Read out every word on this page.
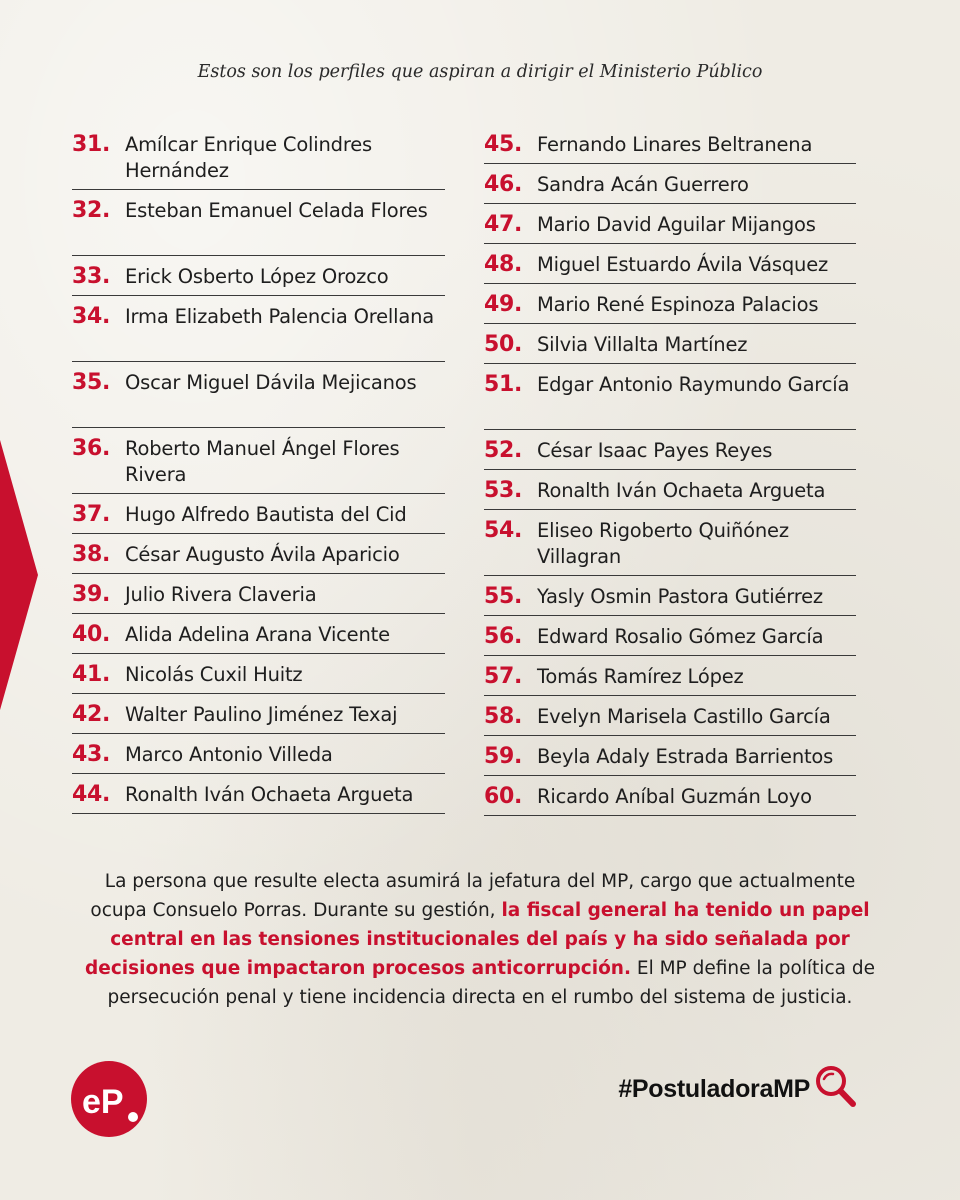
Estos son los perfiles que aspiran a dirigir el Ministerio Público
31. Amílcar Enrique Colindres Hernández
32. Esteban Emanuel Celada Flores
33. Erick Osberto López Orozco
34. Irma Elizabeth Palencia Orellana
35. Oscar Miguel Dávila Mejicanos
36. Roberto Manuel Ángel Flores Rivera
37. Hugo Alfredo Bautista del Cid
38. César Augusto Ávila Aparicio
39. Julio Rivera Claveria
40. Alida Adelina Arana Vicente
41. Nicolás Cuxil Huitz
42. Walter Paulino Jiménez Texaj
43. Marco Antonio Villeda
44. Ronalth Iván Ochaeta Argueta
45. Fernando Linares Beltranena
46. Sandra Acán Guerrero
47. Mario David Aguilar Mijangos
48. Miguel Estuardo Ávila Vásquez
49. Mario René Espinoza Palacios
50. Silvia Villalta Martínez
51. Edgar Antonio Raymundo García
52. César Isaac Payes Reyes
53. Ronalth Iván Ochaeta Argueta
54. Eliseo Rigoberto Quiñónez Villagran
55. Yasly Osmin Pastora Gutiérrez
56. Edward Rosalio Gómez García
57. Tomás Ramírez López
58. Evelyn Marisela Castillo García
59. Beyla Adaly Estrada Barrientos
60. Ricardo Aníbal Guzmán Loyo
La persona que resulte electa asumirá la jefatura del MP, cargo que actualmente ocupa Consuelo Porras. Durante su gestión, la fiscal general ha tenido un papel central en las tensiones institucionales del país y ha sido señalada por decisiones que impactaron procesos anticorrupción. El MP define la política de persecución penal y tiene incidencia directa en el rumbo del sistema de justicia.
eP	#PostuladoraMP
